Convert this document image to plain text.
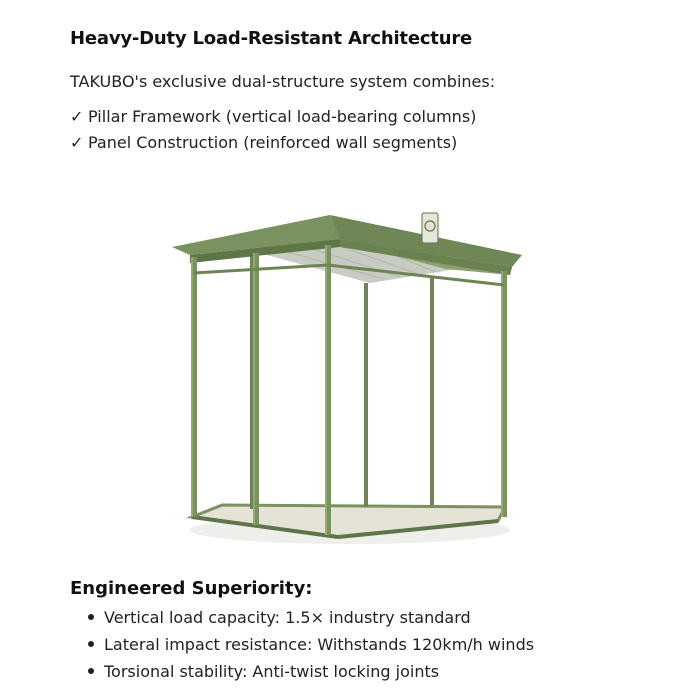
Heavy-Duty Load-Resistant Architecture
TAKUBO's exclusive dual-structure system combines:
✓ Pillar Framework (vertical load-bearing columns)
✓ Panel Construction (reinforced wall segments)
Engineered Superiority:
Vertical load capacity: 1.5× industry standard
Lateral impact resistance: Withstands 120km/h winds
Torsional stability: Anti-twist locking joints
